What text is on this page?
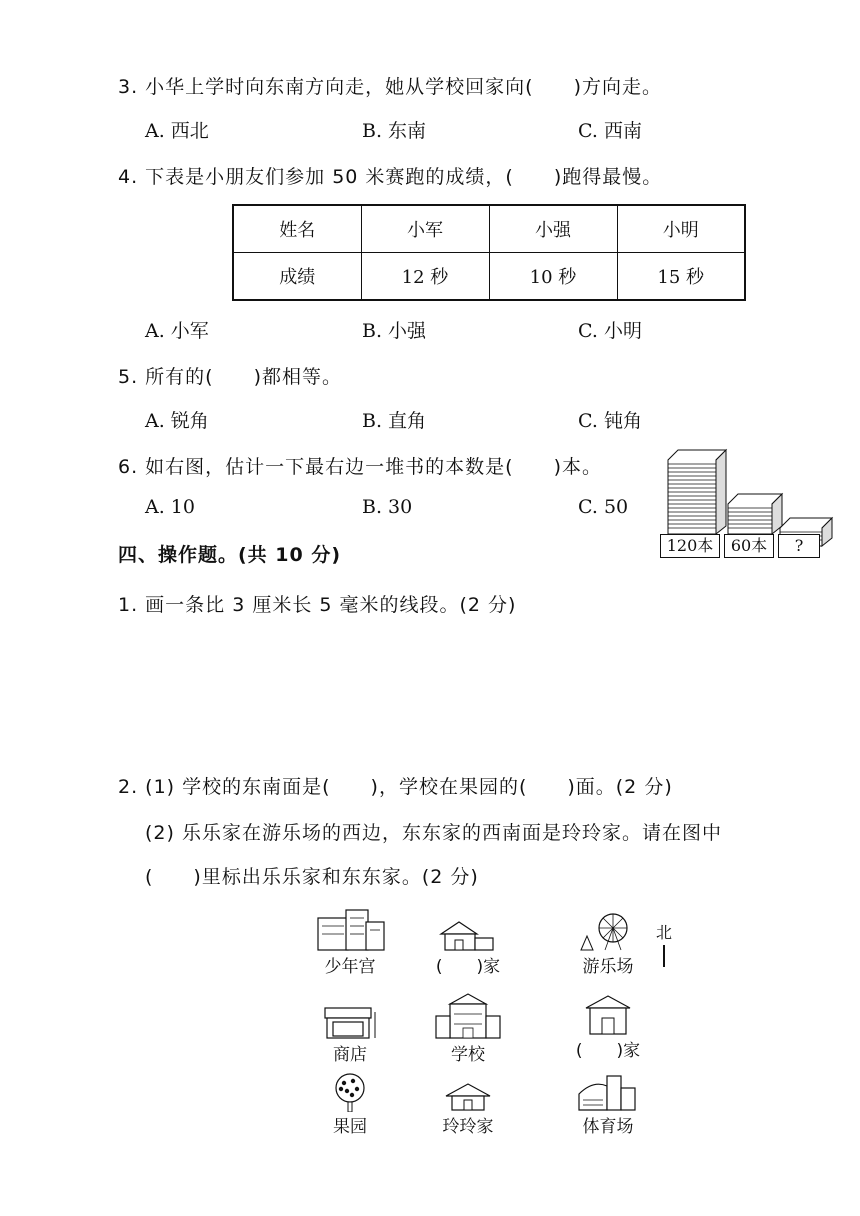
3. 小华上学时向东南方向走，她从学校回家向(　　)方向走。
A. 西北	B. 东南	C. 西南
4. 下表是小朋友们参加 50 米赛跑的成绩，(　　)跑得最慢。
姓名	小军	小强	小明
成绩	12 秒	10 秒	15 秒
A. 小军	B. 小强	C. 小明
5. 所有的(　　)都相等。
A. 锐角	B. 直角	C. 钝角
6. 如右图，估计一下最右边一堆书的本数是(　　)本。
A. 10	B. 30	C. 50
120本	60本	?
四、操作题。(共 10 分)
1. 画一条比 3 厘米长 5 毫米的线段。(2 分)
2. (1) 学校的东南面是(　　)，学校在果园的(　　)面。(2 分)
(2) 乐乐家在游乐场的西边，东东家的西南面是玲玲家。请在图中
(　　)里标出乐乐家和东东家。(2 分)
少年宫	(　　)家	游乐场
北
商店	学校	(　　)家
果园	玲玲家	体育场
